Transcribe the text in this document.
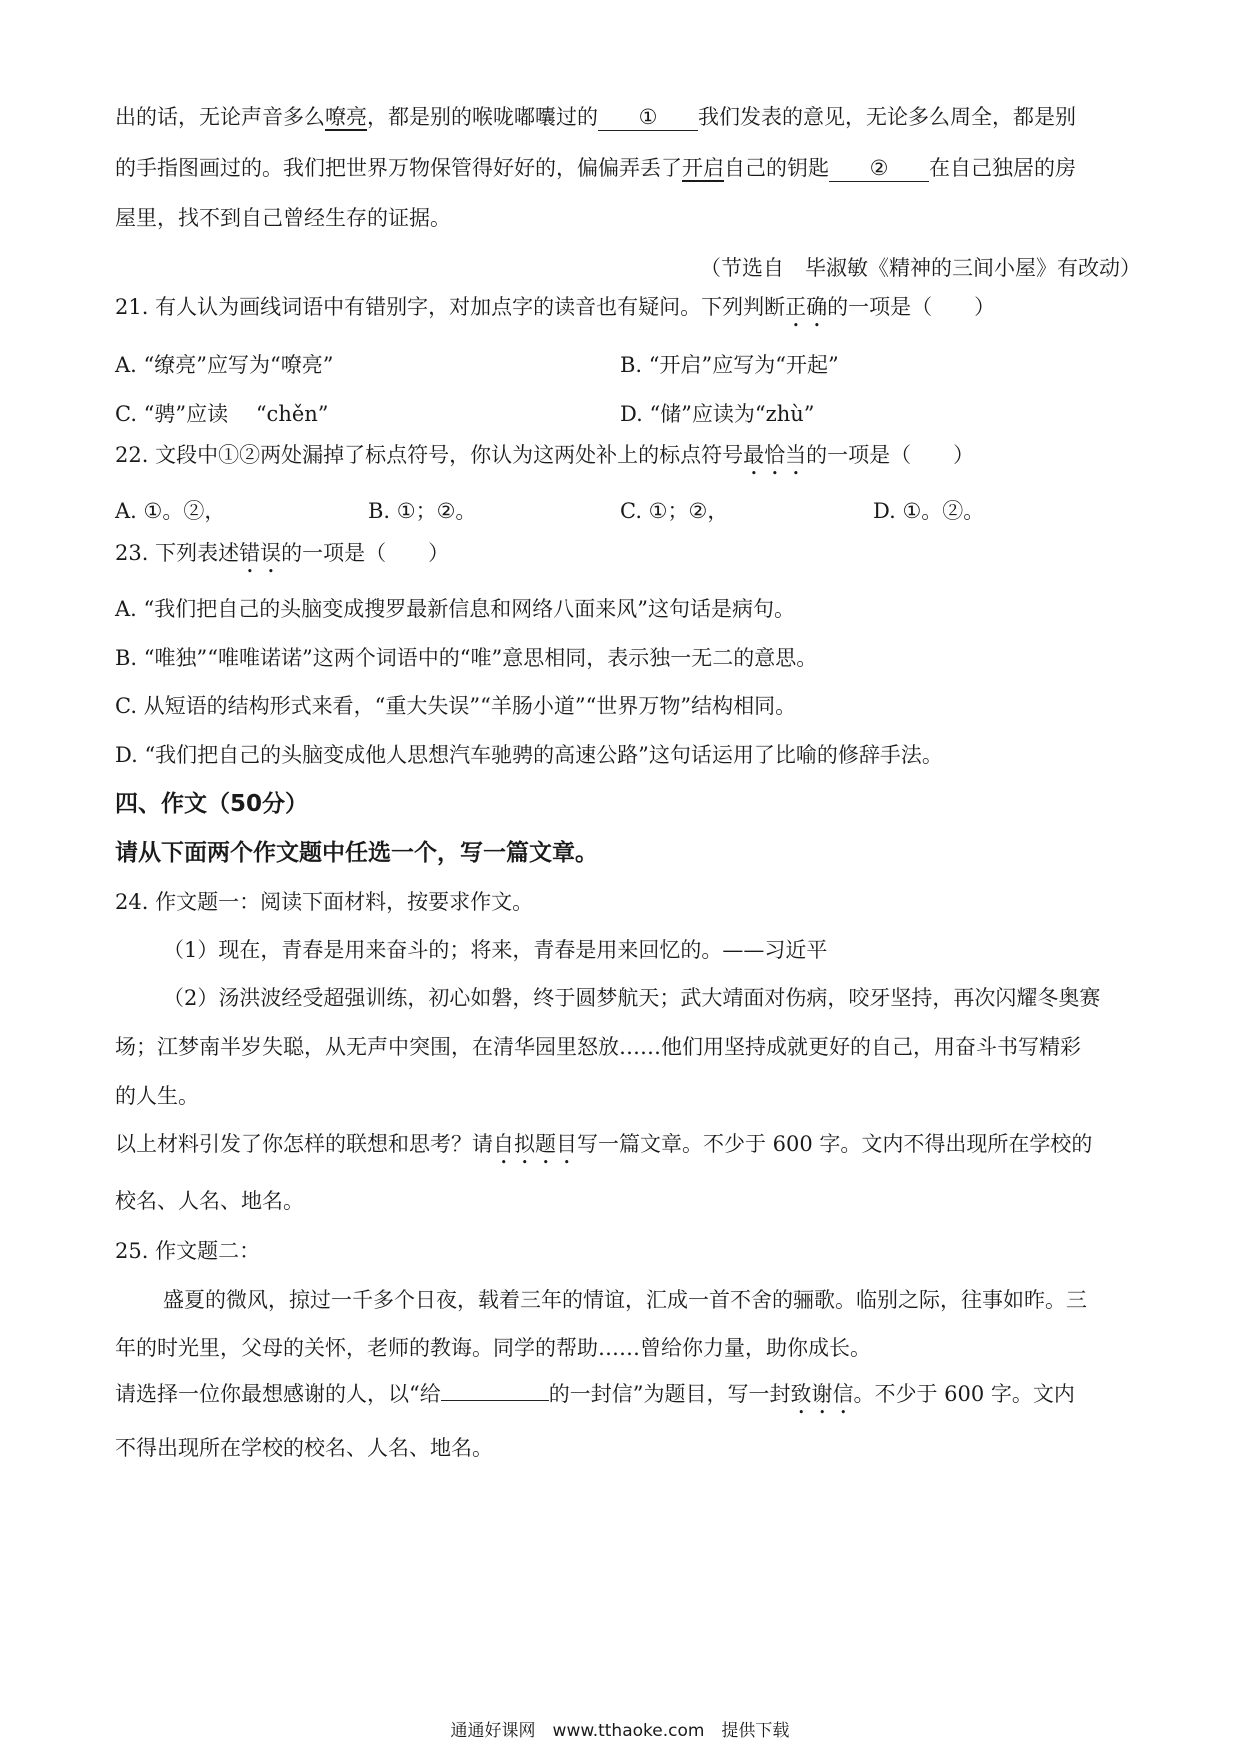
出的话，无论声音多么嘹亮，都是别的喉咙嘟囔过的 ① 我们发表的意见，无论多么周全，都是别
的手指图画过的。我们把世界万物保管得好好的，偏偏弄丢了开启自己的钥匙 ② 在自己独居的房
屋里，找不到自己曾经生存的证据。
（节选自　毕淑敏《精神的三间小屋》有改动）
21. 有人认为画线词语中有错别字，对加点字的读音也有疑问。下列判断正确的一项是（　　）
A. “缭亮”应写为“嘹亮”	B. “开启”应写为“开起”
C. “骋”应读　 “chěn”	D. “储”应读为“zhù”
22. 文段中①②两处漏掉了标点符号，你认为这两处补上的标点符号最恰当的一项是（　　）
A. ①。②，	B. ①；②。	C. ①；②，	D. ①。②。
23. 下列表述错误的一项是（　　）
A. “我们把自己的头脑变成搜罗最新信息和网络八面来风”这句话是病句。
B. “唯独”“唯唯诺诺”这两个词语中的“唯”意思相同，表示独一无二的意思。
C. 从短语的结构形式来看，“重大失误”“羊肠小道”“世界万物”结构相同。
D. “我们把自己的头脑变成他人思想汽车驰骋的高速公路”这句话运用了比喻的修辞手法。
四、作文（50分）
请从下面两个作文题中任选一个，写一篇文章。
24. 作文题一：阅读下面材料，按要求作文。
（1）现在，青春是用来奋斗的；将来，青春是用来回忆的。——习近平
（2）汤洪波经受超强训练，初心如磐，终于圆梦航天；武大靖面对伤病，咬牙坚持，再次闪耀冬奥赛
场；江梦南半岁失聪，从无声中突围，在清华园里怒放……他们用坚持成就更好的自己，用奋斗书写精彩
的人生。
以上材料引发了你怎样的联想和思考？请自拟题目写一篇文章。不少于 600 字。文内不得出现所在学校的
校名、人名、地名。
25. 作文题二：
盛夏的微风，掠过一千多个日夜，载着三年的情谊，汇成一首不舍的骊歌。临别之际，往事如昨。三
年的时光里，父母的关怀，老师的教诲。同学的帮助……曾给你力量，助你成长。
请选择一位你最想感谢的人，以“给	的一封信”为题目，写一封致谢信。不少于 600 字。文内
不得出现所在学校的校名、人名、地名。
通通好课网　www.tthaoke.com　提供下载
